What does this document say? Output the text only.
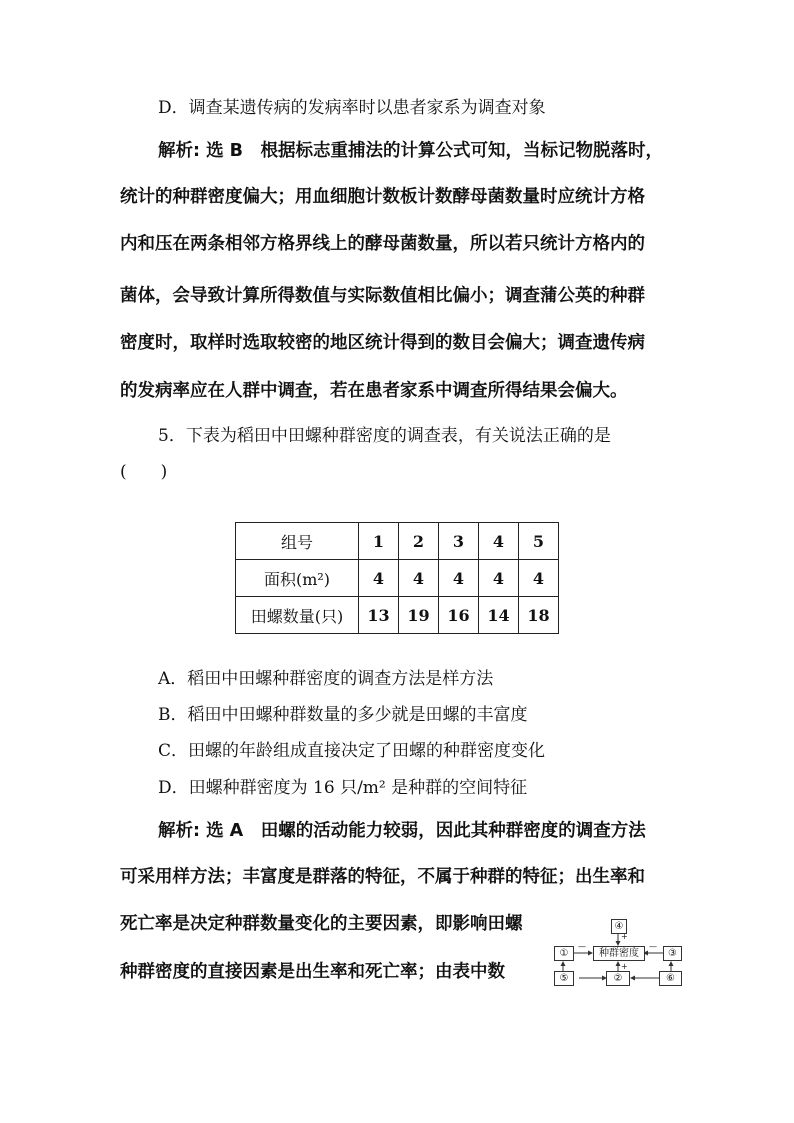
D．调查某遗传病的发病率时以患者家系为调查对象
解析: 选 B　根据标志重捕法的计算公式可知，当标记物脱落时，
统计的种群密度偏大；用血细胞计数板计数酵母菌数量时应统计方格
内和压在两条相邻方格界线上的酵母菌数量，所以若只统计方格内的
菌体，会导致计算所得数值与实际数值相比偏小；调查蒲公英的种群
密度时，取样时选取较密的地区统计得到的数目会偏大；调查遗传病
的发病率应在人群中调查，若在患者家系中调查所得结果会偏大。
5．下表为稻田中田螺种群密度的调查表，有关说法正确的是
(　　)
组号	1	2	3	4	5
面积(m²)	4	4	4	4	4
田螺数量(只)	13	19	16	14	18
A．稻田中田螺种群密度的调查方法是样方法
B．稻田中田螺种群数量的多少就是田螺的丰富度
C．田螺的年龄组成直接决定了田螺的种群密度变化
D．田螺种群密度为 16 只/m² 是种群的空间特征
解析: 选 A　田螺的活动能力较弱，因此其种群密度的调查方法
可采用样方法；丰富度是群落的特征，不属于种群的特征；出生率和
死亡率是决定种群数量变化的主要因素，即影响田螺
种群密度的直接因素是出生率和死亡率；由表中数
④
①	种群密度	③
⑤	②	⑥
—	—
+
+
